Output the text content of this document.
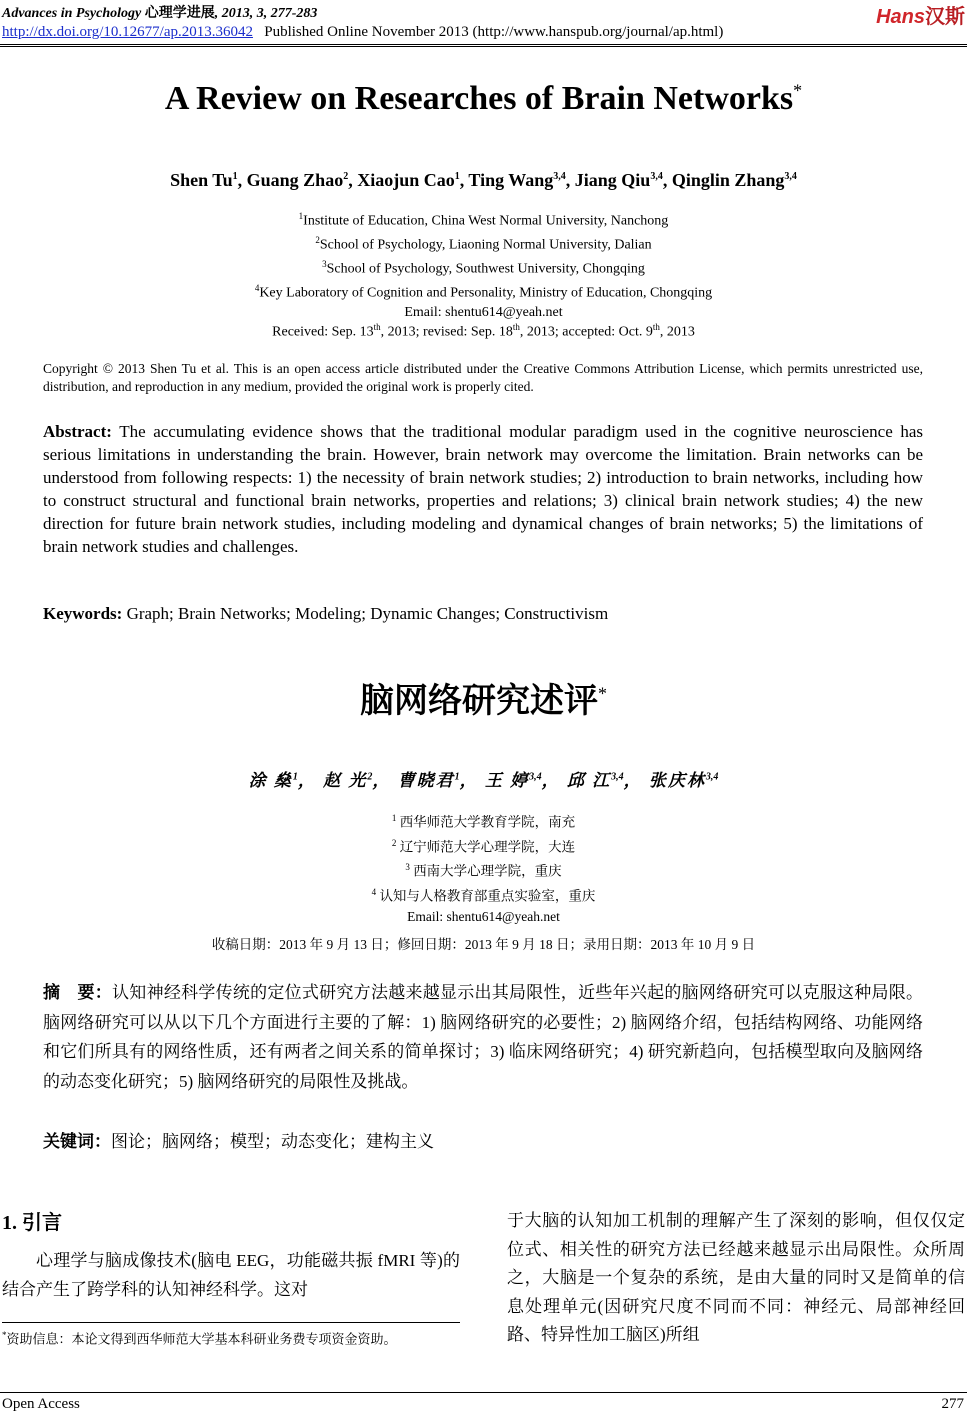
Advances in Psychology 心理学进展, 2013, 3, 277-283	Hans汉斯
http://dx.doi.org/10.12677/ap.2013.36042 Published Online November 2013 (http://www.hanspub.org/journal/ap.html)
A Review on Researches of Brain Networks*
Shen Tu$^1$, Guang Zhao$^2$, Xiaojun Cao$^1$, Ting Wang$^{3,4}$, Jiang Qiu$^{3,4}$, Qinglin Zhang$^{3,4}$
$^1$Institute of Education, China West Normal University, Nanchong
$^2$School of Psychology, Liaoning Normal University, Dalian
$^3$School of Psychology, Southwest University, Chongqing
$^4$Key Laboratory of Cognition and Personality, Ministry of Education, Chongqing
Email: shentu614@yeah.net
Received: Sep. 13th, 2013; revised: Sep. 18th, 2013; accepted: Oct. 9th, 2013
Copyright © 2013 Shen Tu et al. This is an open access article distributed under the Creative Commons Attribution License, which permits unrestricted use, distribution, and reproduction in any medium, provided the original work is properly cited.
Abstract: The accumulating evidence shows that the traditional modular paradigm used in the cognitive neuroscience has serious limitations in understanding the brain. However, brain network may overcome the limitation. Brain networks can be understood from following respects: 1) the necessity of brain network studies; 2) introduction to brain networks, including how to construct structural and functional brain networks, properties and relations; 3) clinical brain network studies; 4) the new direction for future brain network studies, including modeling and dynamical changes of brain networks; 5) the limitations of brain network studies and challenges.
Keywords: Graph; Brain Networks; Modeling; Dynamic Changes; Constructivism
脑网络研究述评*
涂 燊$^1$， 赵 光$^2$， 曹晓君$^1$， 王 婷$^{3,4}$， 邱 江$^{3,4}$， 张庆林$^{3,4}$
$^1$ 西华师范大学教育学院，南充
$^2$ 辽宁师范大学心理学院，大连
$^3$ 西南大学心理学院，重庆
$^4$ 认知与人格教育部重点实验室，重庆
Email: shentu614@yeah.net
收稿日期：2013 年 9 月 13 日；修回日期：2013 年 9 月 18 日；录用日期：2013 年 10 月 9 日
摘　要：认知神经科学传统的定位式研究方法越来越显示出其局限性，近些年兴起的脑网络研究可以克服这种局限。脑网络研究可以从以下几个方面进行主要的了解：1) 脑网络研究的必要性；2) 脑网络介绍，包括结构网络、功能网络和它们所具有的网络性质，还有两者之间关系的简单探讨；3) 临床网络研究；4) 研究新趋向，包括模型取向及脑网络的动态变化研究；5) 脑网络研究的局限性及挑战。
关键词：图论；脑网络；模型；动态变化；建构主义
1. 引言
心理学与脑成像技术(脑电 EEG，功能磁共振 fMRI 等)的结合产生了跨学科的认知神经科学。这对
于大脑的认知加工机制的理解产生了深刻的影响，但仅仅定位式、相关性的研究方法已经越来越显示出局限性。众所周之，大脑是一个复杂的系统，是由大量的同时又是简单的信息处理单元(因研究尺度不同而不同：神经元、局部神经回路、特异性加工脑区)所组
*资助信息：本论文得到西华师范大学基本科研业务费专项资金资助。
Open Access	277
